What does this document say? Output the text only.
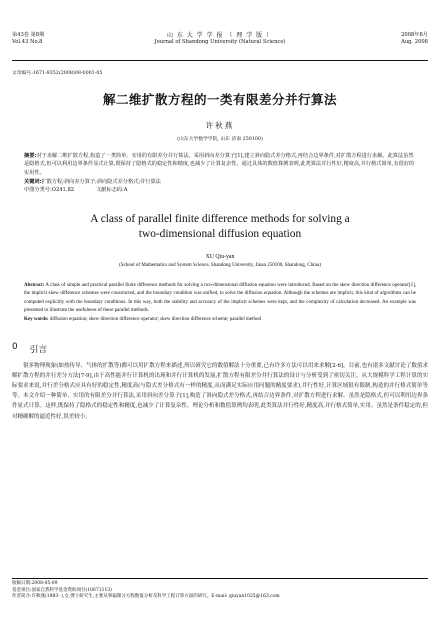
第43卷 第8期
Vol.43 No.8
山 东 大 学 学 报 （ 理 学 版 ）
Journal of Shandong University (Natural Science)
2008年8月
Aug. 2008
文章编号:1671-9352(2008)08-0001-05
解二维扩散方程的一类有限差分并行算法
许秋燕
(山东大学数学学院, 山东 济南 250100)
摘要:对于求解二维扩散方程,构造了一类简单、实用的有限差分并行算法。采用斜向差分算子[1],建立斜向隐式差分格式,再结合边界条件,对扩散方程进行求解。此算法虽然是隐格式,但可以利用边界条件显式计算,既保持了隐格式的稳定性和精度,也减少了计算复杂性。通过具体的数值算例表明,此类算法并行性好,精度高,并行格式简单,有很好的实用性。
关键词:扩散方程;斜向差分算子;斜向隐式差分格式;并行算法
中图分类号:O241.82	文献标志码:A
A class of parallel finite difference methods for solving a
two-dimensional diffusion equation
XU Qiu-yan
(School of Mathematics and System Science, Shandong University, Jinan 250100, Shandong, China)
Abstract: A class of simple and practical parallel finite difference methods for solving a two-dimensional diffusion equation were introduced. Based on the skew direction difference operator[1], the implicit skew difference schemes were constructed, and the boundary condition was unified, to solve the diffusion equation. Although the schemes are implicit, this kind of algorithms can be computed explicitly with the boundary conditions. In this way, both the stability and accuracy of the implicit schemes were kept, and the complexity of calculation decreased. An example was presented to illustrate the usefulness of these parallel methods.
Key words: diffusion equation; skew direction difference operator; skew direction difference scheme; parallel method
0 引言
很多物理现象(如热传导、气体的扩散等)都可以用扩散方程来描述,所以研究它的数值解法十分重要,已有许多方法可以用来求解[2-6]。目前,也有诸多文献讨论了数值求解扩散方程的并行差分方法[7-9],由于高性能并行计算机的出现和并行计算机的发展,扩散方程有限差分并行算法的设计与分析受到了密切关注。从大规模科学工程计算的实际要求来说,并行差分格式应具有好的稳定性,精度高(与隐式差分格式有一样的精度,从而满足实际应用问题的精度要求),并行性好,计算区域很有限制,构造的并行格式简单等等。本文介绍一种简单、实用的有限差分并行算法,采用斜向差分算子[1],构造了斜向隐式差分格式,再结合边界条件,对扩散方程进行求解。虽然是隐格式,但可以利用边界条件显式计算。这样,既保持了隐格式的稳定性和精度,也减少了计算复杂性。理论分析和数值算例均表明,此类算法并行性好,精度高,并行格式简单,实用。虽然是条件稳定的,但对精确解的逼近性好,误差较小。
收稿日期:2008-05-09
基金项目:国家自然科学基金资助项目(10671113)
作者简介:许秋燕(1983- ),女,博士研究生,主要从事偏微分方程数值分析及科学工程计算方面的研究。E-mail: qiuyan1025@163.com
